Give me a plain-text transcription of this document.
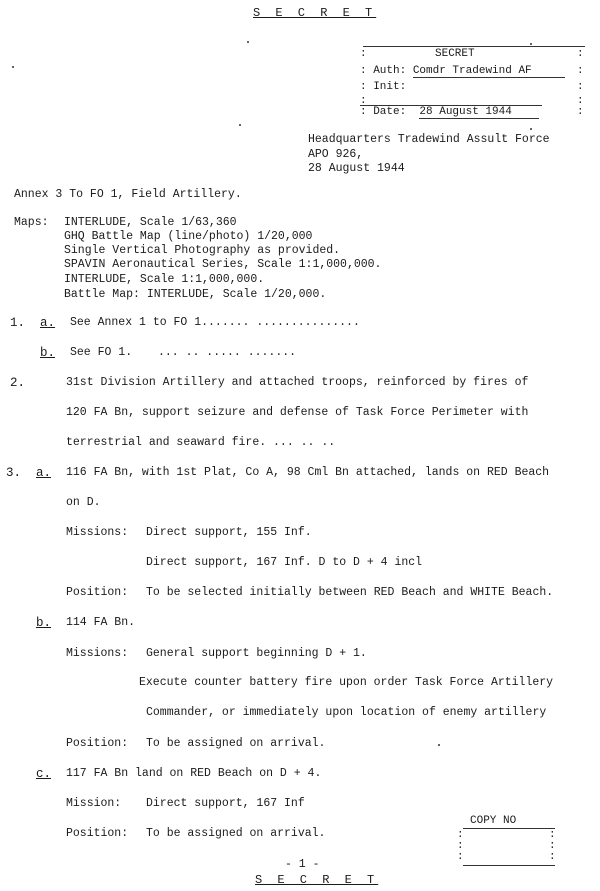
S E C R E T
:	SECRET	:
: Auth: Comdr Tradewind AF	:
: Init:	:
:	:
: Date: 28 August 1944	:
Headquarters Tradewind Assult Force
APO 926,
28 August 1944
Annex 3 To FO 1, Field Artillery.
Maps: INTERLUDE, Scale 1/63,360
GHQ Battle Map (line/photo) 1/20,000
Single Vertical Photography as provided.
SPAVIN Aeronautical Series, Scale 1:1,000,000.
INTERLUDE, Scale 1:1,000,000.
Battle Map: INTERLUDE, Scale 1/20,000.
1. a. See Annex 1 to FO 1....... ...............
b. See FO 1. ... .. ..... .......
2.	31st Division Artillery and attached troops, reinforced by fires of
120 FA Bn, support seizure and defense of Task Force Perimeter with
terrestrial and seaward fire. ... .. ..
3. a. 116 FA Bn, with 1st Plat, Co A, 98 Cml Bn attached, lands on RED Beach
on D.
Missions: Direct support, 155 Inf.
Direct support, 167 Inf. D to D + 4 incl
Position: To be selected initially between RED Beach and WHITE Beach.
b. 114 FA Bn.
Missions: General support beginning D + 1.
Execute counter battery fire upon order Task Force Artillery
Commander, or immediately upon location of enemy artillery
Position: To be assigned on arrival.
c. 117 FA Bn land on RED Beach on D + 4.
Mission: Direct support, 167 Inf
Position: To be assigned on arrival.
COPY NO
:
:
:
:
:
:
- 1 -
S E C R E T
